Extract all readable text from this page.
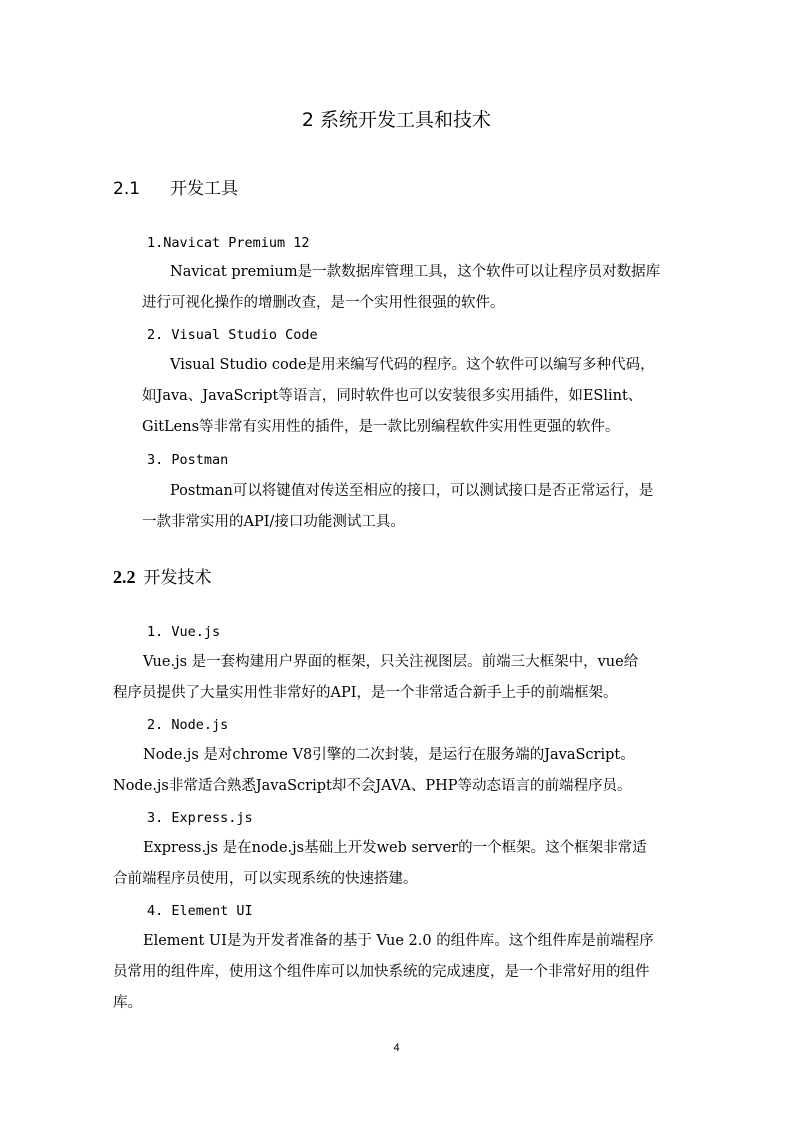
2 系统开发工具和技术
2.1 开发工具
1.Navicat Premium 12
Navicat premium是一款数据库管理工具，这个软件可以让程序员对数据库
进行可视化操作的增删改查，是一个实用性很强的软件。
2. Visual Studio Code
Visual Studio code是用来编写代码的程序。这个软件可以编写多种代码，
如Java、JavaScript等语言，同时软件也可以安装很多实用插件，如ESlint、
GitLens等非常有实用性的插件，是一款比别编程软件实用性更强的软件。
3. Postman
Postman可以将键值对传送至相应的接口，可以测试接口是否正常运行，是
一款非常实用的API/接口功能测试工具。
2.2 开发技术
1. Vue.js
Vue.js 是一套构建用户界面的框架，只关注视图层。前端三大框架中，vue给
程序员提供了大量实用性非常好的API，是一个非常适合新手上手的前端框架。
2. Node.js
Node.js 是对chrome V8引擎的二次封装，是运行在服务端的JavaScript。
Node.js非常适合熟悉JavaScript却不会JAVA、PHP等动态语言的前端程序员。
3. Express.js
Express.js 是在node.js基础上开发web server的一个框架。这个框架非常适
合前端程序员使用，可以实现系统的快速搭建。
4. Element UI
Element UI是为开发者准备的基于 Vue 2.0 的组件库。这个组件库是前端程序
员常用的组件库，使用这个组件库可以加快系统的完成速度，是一个非常好用的组件
库。
4
